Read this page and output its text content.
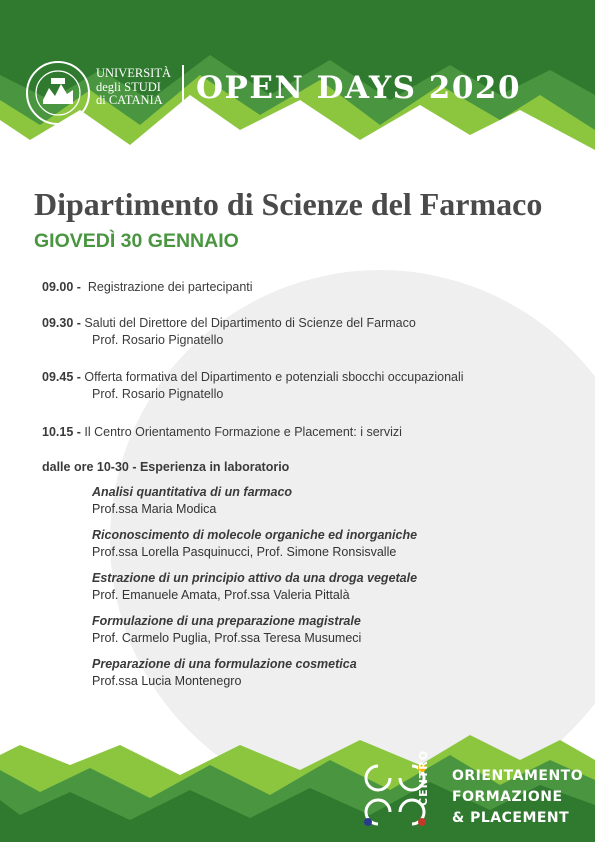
UNIVERSITÀ
degli STUDI
di CATANIA OPEN DAYS 2020
Dipartimento di Scienze del Farmaco
GIOVEDÌ 30 GENNAIO
09.00 - Registrazione dei partecipanti
09.30 - Saluti del Direttore del Dipartimento di Scienze del Farmaco
Prof. Rosario Pignatello
09.45 - Offerta formativa del Dipartimento e potenziali sbocchi occupazionali
Prof. Rosario Pignatello
10.15 - Il Centro Orientamento Formazione e Placement: i servizi
dalle ore 10-30 - Esperienza in laboratorio
Analisi quantitativa di un farmaco
Prof.ssa Maria Modica
Riconoscimento di molecole organiche ed inorganiche
Prof.ssa Lorella Pasquinucci, Prof. Simone Ronsisvalle
Estrazione di un principio attivo da una droga vegetale
Prof. Emanuele Amata, Prof.ssa Valeria Pittalà
Formulazione di una preparazione magistrale
Prof. Carmelo Puglia, Prof.ssa Teresa Musumeci
Preparazione di una formulazione cosmetica
Prof.ssa Lucia Montenegro
CENTRO ORIENTAMENTO
FORMAZIONE
& PLACEMENT
